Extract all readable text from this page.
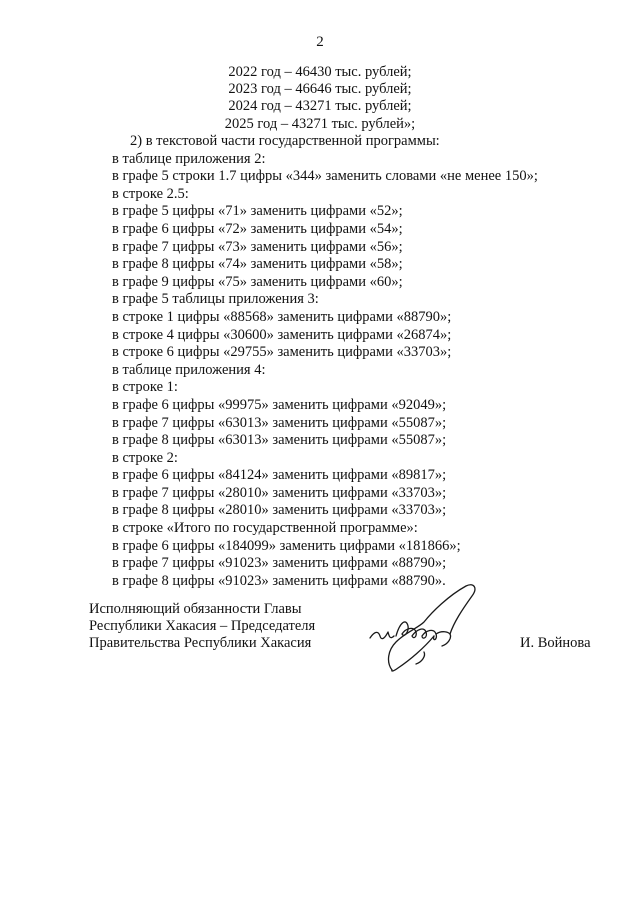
2
2022 год – 46430 тыс. рублей;
2023 год – 46646 тыс. рублей;
2024 год – 43271 тыс. рублей;
2025 год – 43271 тыс. рублей»;
2) в текстовой части государственной программы:
в таблице приложения 2:
в графе 5 строки 1.7 цифры «344» заменить словами «не менее 150»;
в строке 2.5:
в графе 5 цифры «71» заменить цифрами «52»;
в графе 6 цифры «72» заменить цифрами «54»;
в графе 7 цифры «73» заменить цифрами «56»;
в графе 8 цифры «74» заменить цифрами «58»;
в графе 9 цифры «75» заменить цифрами «60»;
в графе 5 таблицы приложения 3:
в строке 1 цифры «88568» заменить цифрами «88790»;
в строке 4 цифры «30600» заменить цифрами «26874»;
в строке 6 цифры «29755» заменить цифрами «33703»;
в таблице приложения 4:
в строке 1:
в графе 6 цифры «99975» заменить цифрами «92049»;
в графе 7 цифры «63013» заменить цифрами «55087»;
в графе 8 цифры «63013» заменить цифрами «55087»;
в строке 2:
в графе 6 цифры «84124» заменить цифрами «89817»;
в графе 7 цифры «28010» заменить цифрами «33703»;
в графе 8 цифры «28010» заменить цифрами «33703»;
в строке «Итого по государственной программе»:
в графе 6 цифры «184099» заменить цифрами «181866»;
в графе 7 цифры «91023» заменить цифрами «88790»;
в графе 8 цифры «91023» заменить цифрами «88790».
Исполняющий обязанности Главы
Республики Хакасия – Председателя
Правительства Республики Хакасия	И. Войнова
